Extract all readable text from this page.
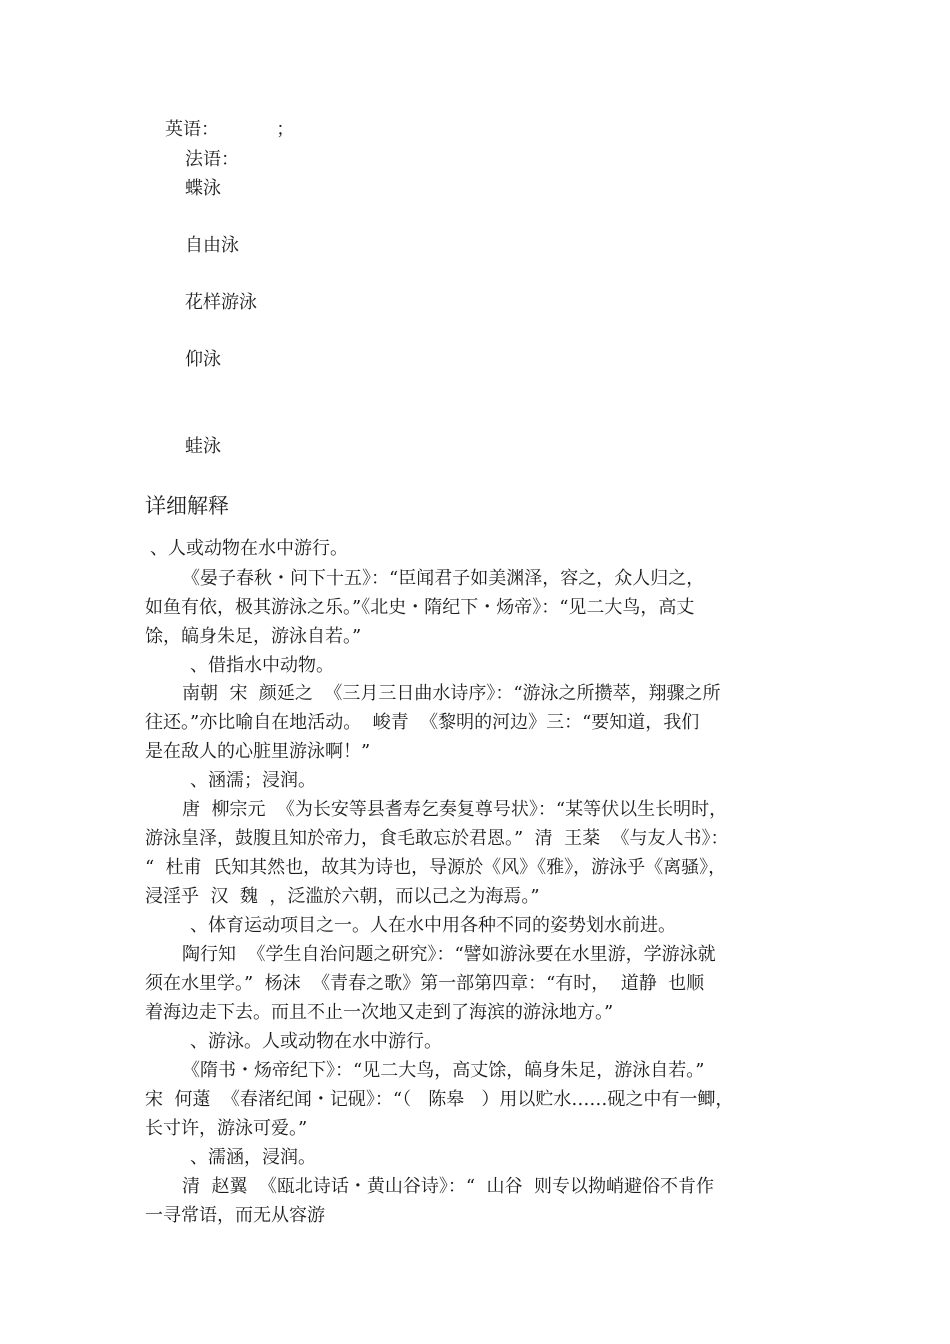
英语：          ；
法语：
蝶泳
自由泳
花样游泳
仰泳
蛙泳
详细解释
、人或动物在水中游行。
《晏子春秋・问下十五》：“臣闻君子如美渊泽，容之，众人归之，
如鱼有依，极其游泳之乐。”《北史・隋纪下・炀帝》：“见二大鸟，高丈
馀，皜身朱足，游泳自若。”
、借指水中动物。
南朝  宋  颜延之  《三月三日曲水诗序》：“游泳之所攒萃，翔骤之所
往还。”亦比喻自在地活动。  峻青  《黎明的河边》三：“要知道，我们
是在敌人的心脏里游泳啊！”
、涵濡；浸润。
唐  柳宗元  《为长安等县耆寿乞奏复尊号状》：“某等伏以生长明时，
游泳皇泽，鼓腹且知於帝力，食毛敢忘於君恩。”  清  王棻  《与友人书》：
“  杜甫  氏知其然也，故其为诗也，导源於《风》《雅》，游泳乎《离骚》，
浸淫乎  汉  魏  ，泛滥於六朝，而以己之为海焉。”
、体育运动项目之一。人在水中用各种不同的姿势划水前进。
陶行知  《学生自治问题之研究》：“譬如游泳要在水里游，学游泳就
须在水里学。”  杨沫  《青春之歌》第一部第四章：“有时，  道静  也顺
着海边走下去。而且不止一次地又走到了海滨的游泳地方。”
、游泳。人或动物在水中游行。
《隋书・炀帝纪下》：“见二大鸟，高丈馀，皜身朱足，游泳自若。”
宋  何薳  《春渚纪闻・记砚》：“（   陈皋   ）用以贮水……砚之中有一鲫，
长寸许，游泳可爱。”
、濡涵，浸润。
清  赵翼  《瓯北诗话・黄山谷诗》：“  山谷  则专以拗峭避俗不肯作
一寻常语，而无从容游
